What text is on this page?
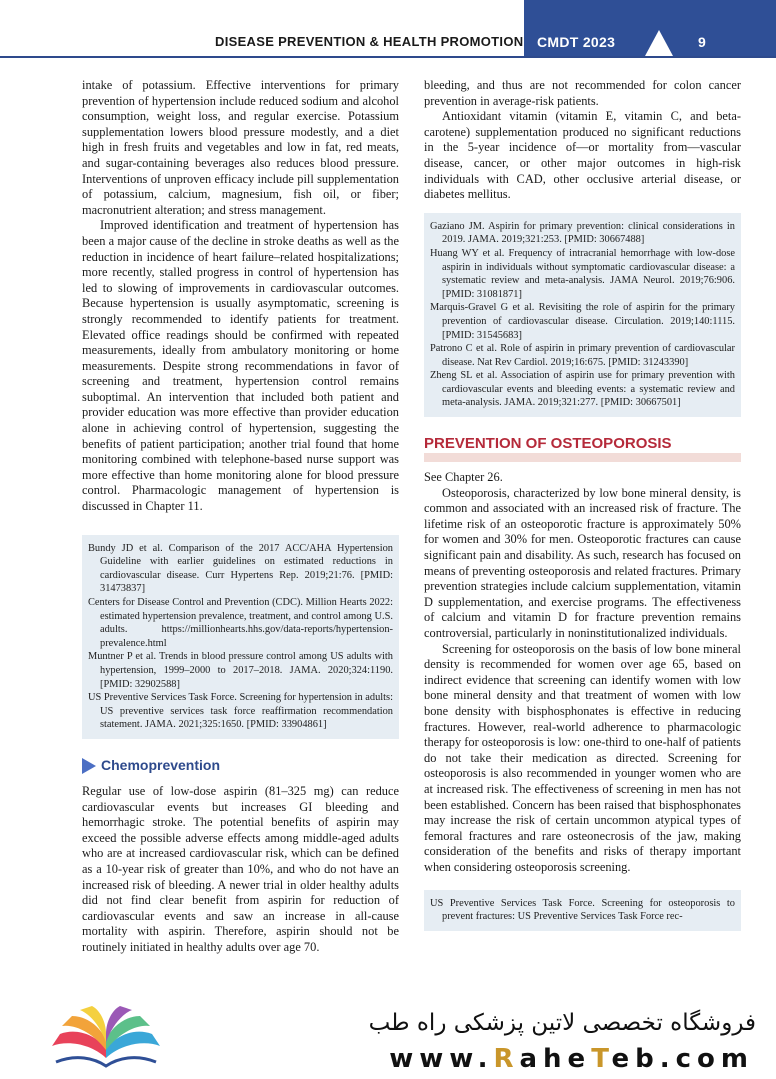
DISEASE PREVENTION & HEALTH PROMOTION CMDT 2023	9

intake of potassium. Effective interventions for primary prevention of hypertension include reduced sodium and alcohol consumption, weight loss, and regular exercise. Potassium supplementation lowers blood pressure modestly, and a diet high in fresh fruits and vegetables and low in fat, red meats, and sugar-containing beverages also reduces blood pressure. Interventions of unproven efficacy include pill supplementation of potassium, calcium, magnesium, fish oil, or fiber; macronutrient alteration; and stress management.

Improved identification and treatment of hypertension has been a major cause of the decline in stroke deaths as well as the reduction in incidence of heart failure–related hospitalizations; more recently, stalled progress in control of hypertension has led to slowing of improvements in cardiovascular outcomes. Because hypertension is usually asymptomatic, screening is strongly recommended to identify patients for treatment. Elevated office readings should be confirmed with repeated measurements, ideally from ambulatory monitoring or home measurements. Despite strong recommendations in favor of screening and treatment, hypertension control remains suboptimal. An intervention that included both patient and provider education was more effective than provider education alone in achieving control of hypertension, suggesting the benefits of patient participation; another trial found that home monitoring combined with telephone-based nurse support was more effective than home monitoring alone for blood pressure control. Pharmacologic management of hypertension is discussed in Chapter 11.

Bundy JD et al. Comparison of the 2017 ACC/AHA Hypertension Guideline with earlier guidelines on estimated reductions in cardiovascular disease. Curr Hypertens Rep. 2019;21:76. [PMID: 31473837]

Centers for Disease Control and Prevention (CDC). Million Hearts 2022: estimated hypertension prevalence, treatment, and control among U.S. adults. https://millionhearts.hhs.gov/data-reports/hypertension-prevalence.html

Muntner P et al. Trends in blood pressure control among US adults with hypertension, 1999–2000 to 2017–2018. JAMA. 2020;324:1190. [PMID: 32902588]

US Preventive Services Task Force. Screening for hypertension in adults: US preventive services task force reaffirmation recommendation statement. JAMA. 2021;325:1650. [PMID: 33904861]

Chemoprevention

Regular use of low-dose aspirin (81–325 mg) can reduce cardiovascular events but increases GI bleeding and hemorrhagic stroke. The potential benefits of aspirin may exceed the possible adverse effects among middle-aged adults who are at increased cardiovascular risk, which can be defined as a 10-year risk of greater than 10%, and who do not have an increased risk of bleeding. A newer trial in older healthy adults did not find clear benefit from aspirin for reduction of cardiovascular events and saw an increase in all-cause mortality with aspirin. Therefore, aspirin should not be routinely initiated in healthy adults over age 70.

bleeding, and thus are not recommended for colon cancer prevention in average-risk patients.

Antioxidant vitamin (vitamin E, vitamin C, and beta-carotene) supplementation produced no significant reductions in the 5-year incidence of—or mortality from—vascular disease, cancer, or other major outcomes in high-risk individuals with CAD, other occlusive arterial disease, or diabetes mellitus.

Gaziano JM. Aspirin for primary prevention: clinical considerations in 2019. JAMA. 2019;321:253. [PMID: 30667488]

Huang WY et al. Frequency of intracranial hemorrhage with low-dose aspirin in individuals without symptomatic cardiovascular disease: a systematic review and meta-analysis. JAMA Neurol. 2019;76:906. [PMID: 31081871]

Marquis-Gravel G et al. Revisiting the role of aspirin for the primary prevention of cardiovascular disease. Circulation. 2019;140:1115. [PMID: 31545683]

Patrono C et al. Role of aspirin in primary prevention of cardiovascular disease. Nat Rev Cardiol. 2019;16:675. [PMID: 31243390]

Zheng SL et al. Association of aspirin use for primary prevention with cardiovascular events and bleeding events: a systematic review and meta-analysis. JAMA. 2019;321:277. [PMID: 30667501]

PREVENTION OF OSTEOPOROSIS

See Chapter 26.

Osteoporosis, characterized by low bone mineral density, is common and associated with an increased risk of fracture. The lifetime risk of an osteoporotic fracture is approximately 50% for women and 30% for men. Osteoporotic fractures can cause significant pain and disability. As such, research has focused on means of preventing osteoporosis and related fractures. Primary prevention strategies include calcium supplementation, vitamin D supplementation, and exercise programs. The effectiveness of calcium and vitamin D for fracture prevention remains controversial, particularly in noninstitutionalized individuals.

Screening for osteoporosis on the basis of low bone mineral density is recommended for women over age 65, based on indirect evidence that screening can identify women with low bone mineral density and that treatment of women with low bone density with bisphosphonates is effective in reducing fractures. However, real-world adherence to pharmacologic therapy for osteoporosis is low: one-third to one-half of patients do not take their medication as directed. Screening for osteoporosis is also recommended in younger women who are at increased risk. The effectiveness of screening in men has not been established. Concern has been raised that bisphosphonates may increase the risk of certain uncommon atypical types of femoral fractures and rare osteonecrosis of the jaw, making consideration of the benefits and risks of therapy important when considering osteoporosis screening.

US Preventive Services Task Force. Screening for osteoporosis to prevent fractures: US Preventive Services Task Force rec-

فروشگاه تخصصی لاتین پزشکی راه طب
www.RaheTeb.com
